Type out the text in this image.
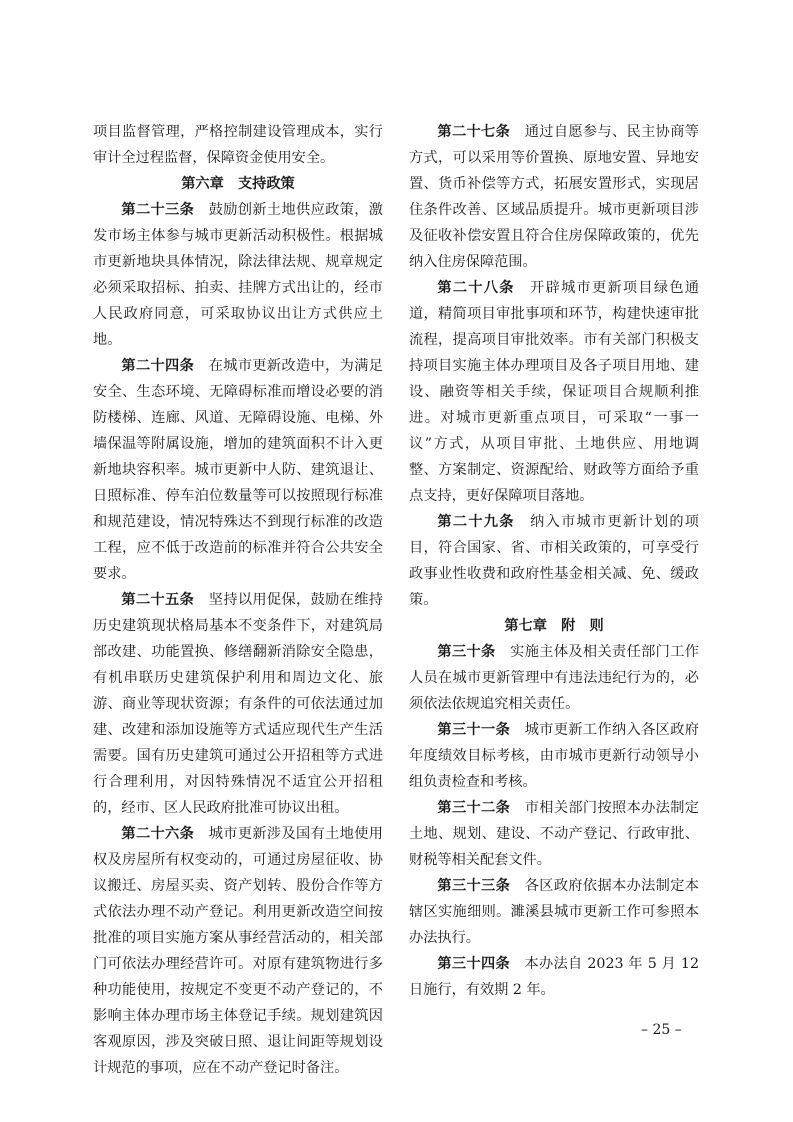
项目监督管理，严格控制建设管理成本，实行审计全过程监督，保障资金使用安全。

第六章　支持政策

第二十三条  鼓励创新土地供应政策，激发市场主体参与城市更新活动积极性。根据城市更新地块具体情况，除法律法规、规章规定必须采取招标、拍卖、挂牌方式出让的，经市人民政府同意，可采取协议出让方式供应土地。

第二十四条  在城市更新改造中，为满足安全、生态环境、无障碍标准而增设必要的消防楼梯、连廊、风道、无障碍设施、电梯、外墙保温等附属设施，增加的建筑面积不计入更新地块容积率。城市更新中人防、建筑退让、日照标准、停车泊位数量等可以按照现行标准和规范建设，情况特殊达不到现行标准的改造工程，应不低于改造前的标准并符合公共安全要求。

第二十五条  坚持以用促保，鼓励在维持历史建筑现状格局基本不变条件下，对建筑局部改建、功能置换、修缮翻新消除安全隐患，有机串联历史建筑保护利用和周边文化、旅游、商业等现状资源；有条件的可依法通过加建、改建和添加设施等方式适应现代生产生活需要。国有历史建筑可通过公开招租等方式进行合理利用，对因特殊情况不适宜公开招租的，经市、区人民政府批准可协议出租。

第二十六条  城市更新涉及国有土地使用权及房屋所有权变动的，可通过房屋征收、协议搬迁、房屋买卖、资产划转、股份合作等方式依法办理不动产登记。利用更新改造空间按批准的项目实施方案从事经营活动的，相关部门可依法办理经营许可。对原有建筑物进行多种功能使用，按规定不变更不动产登记的，不影响主体办理市场主体登记手续。规划建筑因客观原因，涉及突破日照、退让间距等规划设计规范的事项，应在不动产登记时备注。

第二十七条  通过自愿参与、民主协商等方式，可以采用等价置换、原地安置、异地安置、货币补偿等方式，拓展安置形式，实现居住条件改善、区域品质提升。城市更新项目涉及征收补偿安置且符合住房保障政策的，优先纳入住房保障范围。

第二十八条  开辟城市更新项目绿色通道，精简项目审批事项和环节，构建快速审批流程，提高项目审批效率。市有关部门积极支持项目实施主体办理项目及各子项目用地、建设、融资等相关手续，保证项目合规顺利推进。对城市更新重点项目，可采取“一事一议”方式，从项目审批、土地供应、用地调整、方案制定、资源配给、财政等方面给予重点支持，更好保障项目落地。

第二十九条  纳入市城市更新计划的项目，符合国家、省、市相关政策的，可享受行政事业性收费和政府性基金相关减、免、缓政策。

第七章　附　则

第三十条  实施主体及相关责任部门工作人员在城市更新管理中有违法违纪行为的，必须依法依规追究相关责任。

第三十一条  城市更新工作纳入各区政府年度绩效目标考核，由市城市更新行动领导小组负责检查和考核。

第三十二条  市相关部门按照本办法制定土地、规划、建设、不动产登记、行政审批、财税等相关配套文件。

第三十三条  各区政府依据本办法制定本辖区实施细则。濉溪县城市更新工作可参照本办法执行。

第三十四条  本办法自 2023 年 5 月 12 日施行，有效期 2 年。

– 25 –
